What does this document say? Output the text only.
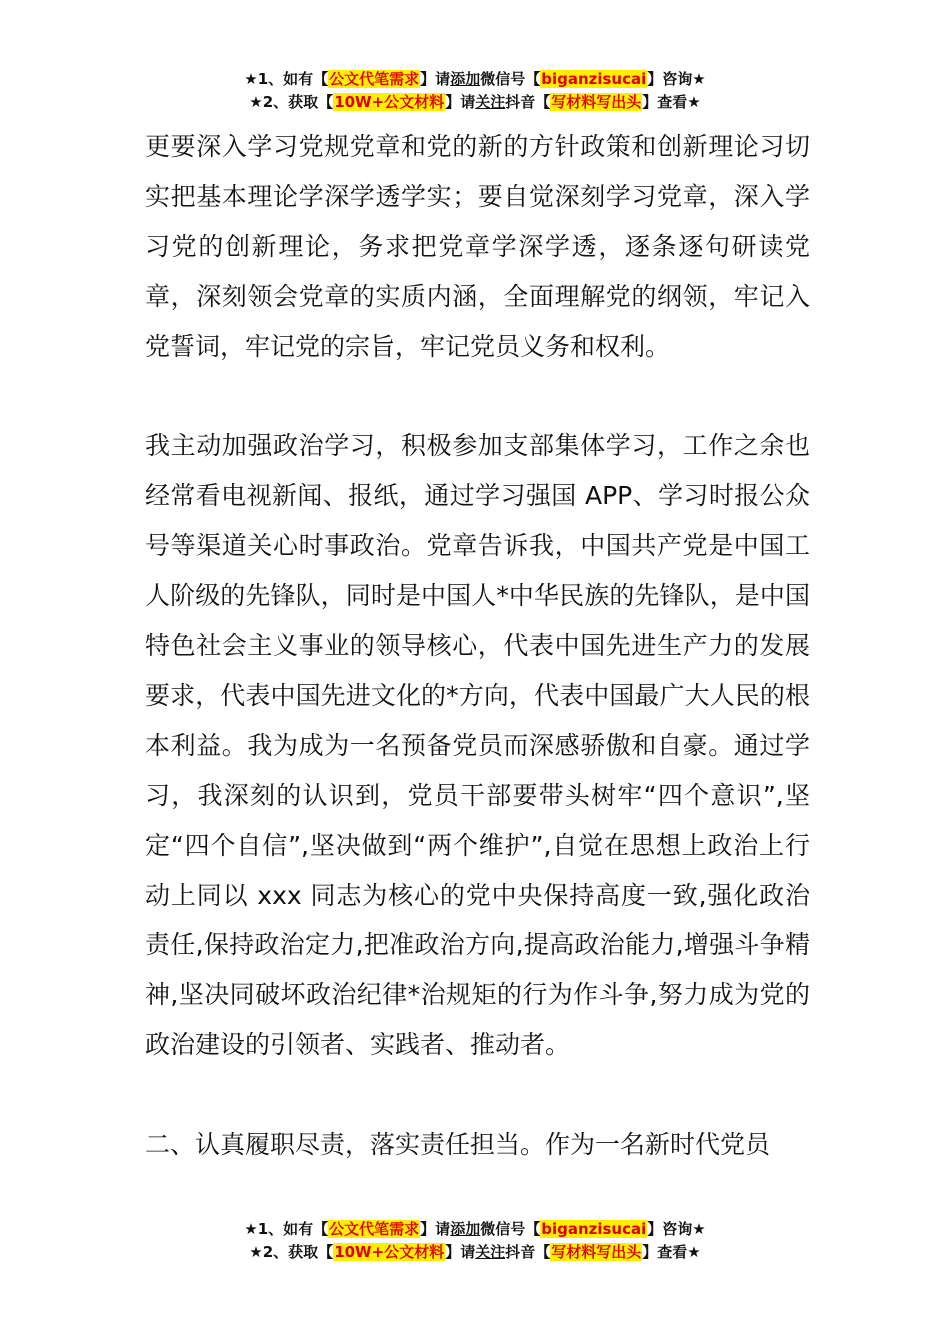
★1、如有【公文代笔需求】请添加微信号【biganzisucai】咨询★
★2、获取【10W+公文材料】请关注抖音【写材料写出头】查看★

更要深入学习党规党章和党的新的方针政策和创新理论习切实把基本理论学深学透学实；要自觉深刻学习党章，深入学习党的创新理论，务求把党章学深学透，逐条逐句研读党章，深刻领会党章的实质内涵，全面理解党的纲领，牢记入党誓词，牢记党的宗旨，牢记党员义务和权利。

我主动加强政治学习，积极参加支部集体学习，工作之余也经常看电视新闻、报纸，通过学习强国 APP、学习时报公众号等渠道关心时事政治。党章告诉我，中国共产党是中国工人阶级的先锋队，同时是中国人*中华民族的先锋队，是中国特色社会主义事业的领导核心，代表中国先进生产力的发展要求，代表中国先进文化的*方向，代表中国最广大人民的根本利益。我为成为一名预备党员而深感骄傲和自豪。通过学习，我深刻的认识到，党员干部要带头树牢“四个意识”,坚定“四个自信”,坚决做到“两个维护”,自觉在思想上政治上行动上同以 xxx 同志为核心的党中央保持高度一致,强化政治责任,保持政治定力,把准政治方向,提高政治能力,增强斗争精神,坚决同破坏政治纪律*治规矩的行为作斗争,努力成为党的政治建设的引领者、实践者、推动者。

二、认真履职尽责，落实责任担当。作为一名新时代党员

★1、如有【公文代笔需求】请添加微信号【biganzisucai】咨询★
★2、获取【10W+公文材料】请关注抖音【写材料写出头】查看★
